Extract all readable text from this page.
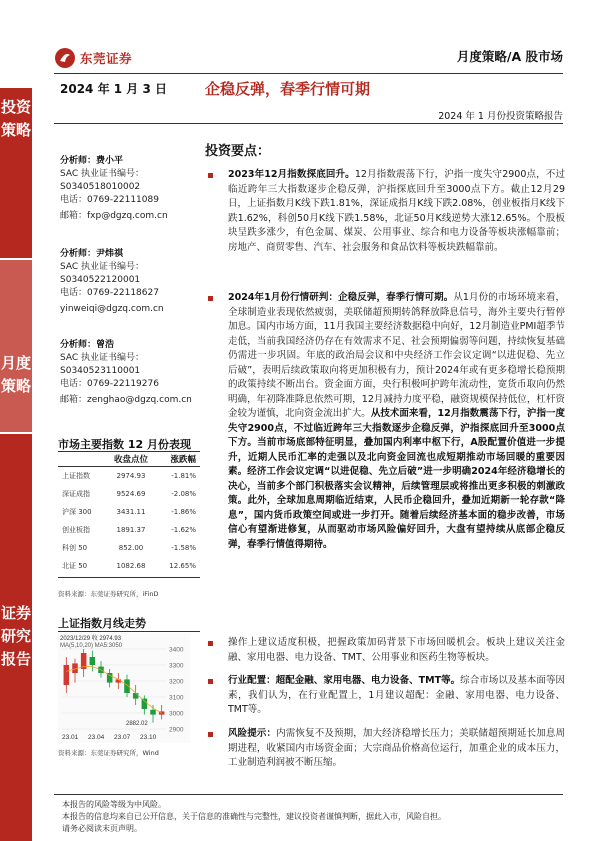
东莞证券	月度策略/A 股市场
2024 年 1 月 3 日	企稳反弹，春季行情可期
2024 年 1 月份投资策略报告
投资
策略
月度
策略
证券
研究
报告
分析师：费小平
SAC 执业证书编号：
S0340518010002
电话：0769-22111089
邮箱：fxp@dgzq.com.cn
分析师：尹炜祺
SAC 执业证书编号：
S0340522120001
电话：0769-22118627
yinweiqi@dgzq.com.cn
分析师：曾浩
SAC 执业证书编号：
S0340523110001
电话：0769-22119276
邮箱：zenghao@dgzq.com.cn
市场主要指数 12 月份表现
收盘点位	涨跌幅
上证指数	2974.93	-1.81%
深证成指	9524.69	-2.08%
沪深 300	3431.11	-1.86%
创业板指	1891.37	-1.62%
科创 50	852.00	-1.58%
北证 50	1082.68	12.65%
资料来源：东莞证券研究所，iFinD
上证指数月线走势
3400
3300
3200
3100
3000
2900
2023/12/29 收 2974.93
MA(5,10,20) MA5:3050
2882.02
23.01 23.04 23.07 23.10
资料来源：东莞证券研究所，Wind
投资要点：
2023年12月指数探底回升。12月指数震荡下行，沪指一度失守2900点，不过临近跨年三大指数逐步企稳反弹，沪指探底回升至3000点下方。截止12月29日，上证指数月K线下跌1.81%，深证成指月K线下跌2.08%，创业板指月K线下跌1.62%，科创50月K线下跌1.58%，北证50月K线逆势大涨12.65%。个股板块呈跌多涨少，有色金属、煤炭、公用事业、综合和电力设备等板块涨幅靠前；房地产、商贸零售、汽车、社会服务和食品饮料等板块跌幅靠前。
2024年1月份行情研判：企稳反弹，春季行情可期。从1月份的市场环境来看，全球制造业表现依然疲弱，美联储超预期转鸽释放降息信号，海外主要央行暂停加息。国内市场方面，11月我国主要经济数据稳中向好，12月制造业PMI超季节走低，当前我国经济仍存在有效需求不足、社会预期偏弱等问题，持续恢复基础仍需进一步巩固。年底的政治局会议和中央经济工作会议定调“以进促稳、先立后破”，表明后续政策取向将更加积极有力，预计2024年或有更多稳增长稳预期的政策持续不断出台。资金面方面，央行积极呵护跨年流动性，宽货币取向仍然明确，年初降准降息依然可期，12月减持力度平稳，融资规模保持低位，杠杆资金较为谨慎，北向资金流出扩大。从技术面来看，12月指数震荡下行，沪指一度失守2900点，不过临近跨年三大指数逐步企稳反弹，沪指探底回升至3000点下方。当前市场底部特征明显，叠加国内利率中枢下行，A股配置价值进一步提升，近期人民币汇率的走强以及北向资金回流也成短期推动市场回暖的重要因素。经济工作会议定调“以进促稳、先立后破”进一步明确2024年经济稳增长的决心，当前多个部门积极落实会议精神，后续管理层或将推出更多积极的刺激政策。此外，全球加息周期临近结束，人民币企稳回升，叠加近期新一轮存款“降息”，国内货币政策空间或进一步打开。随着后续经济基本面的稳步改善，市场信心有望渐进修复，从而驱动市场风险偏好回升，大盘有望持续从底部企稳反弹，春季行情值得期待。
操作上建议适度积极，把握政策加码背景下市场回暖机会。板块上建议关注金融、家用电器、电力设备、TMT、公用事业和医药生物等板块。
行业配置：超配金融、家用电器、电力设备、TMT等。综合市场以及基本面等因素，我们认为，在行业配置上，1月建议超配：金融、家用电器、电力设备、TMT等。
风险提示：内需恢复不及预期，加大经济稳增长压力；美联储超预期延长加息周期进程，收紧国内市场资金面；大宗商品价格高位运行，加重企业的成本压力，工业制造利润被不断压缩。
本报告的风险等级为中风险。
本报告的信息均来自已公开信息，关于信息的准确性与完整性，建议投资者谨慎判断，据此入市，风险自担。
请务必阅读末页声明。
